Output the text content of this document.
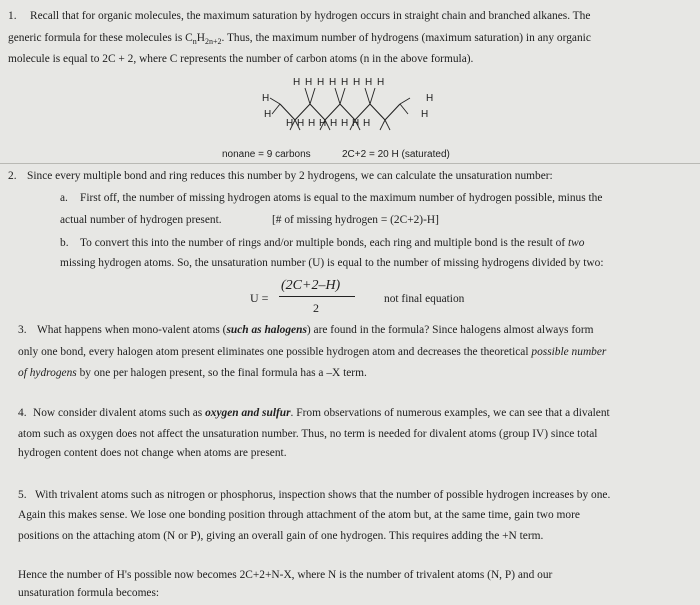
1. Recall that for organic molecules, the maximum saturation by hydrogen occurs in straight chain and branched alkanes. The
generic formula for these molecules is $C_nH_{2n+2}$. Thus, the maximum number of hydrogens (maximum saturation) in any organic
molecule is equal to 2C + 2, where C represents the number of carbon atoms (n in the above formula).
H H H H H H H H
H
H
H
H
H H H H H H H H
nonane = 9 carbons	2C+2 = 20 H (saturated)
2. Since every multiple bond and ring reduces this number by 2 hydrogens, we can calculate the unsaturation number:
a. First off, the number of missing hydrogen atoms is equal to the maximum number of hydrogen possible, minus the
actual number of hydrogen present.	[# of missing hydrogen = (2C+2)-H]
b. To convert this into the number of rings and/or multiple bonds, each ring and multiple bond is the result of two
missing hydrogen atoms. So, the unsaturation number (U) is equal to the number of missing hydrogens divided by two:
U =
(2C+2–H)
2
not final equation
3. What happens when mono-valent atoms (such as halogens) are found in the formula? Since halogens almost always form
only one bond, every halogen atom present eliminates one possible hydrogen atom and decreases the theoretical possible number
of hydrogens by one per halogen present, so the final formula has a –X term.
4. Now consider divalent atoms such as oxygen and sulfur. From observations of numerous examples, we can see that a divalent
atom such as oxygen does not affect the unsaturation number. Thus, no term is needed for divalent atoms (group IV) since total
hydrogen content does not change when atoms are present.
5. With trivalent atoms such as nitrogen or phosphorus, inspection shows that the number of possible hydrogen increases by one.
Again this makes sense. We lose one bonding position through attachment of the atom but, at the same time, gain two more
positions on the attaching atom (N or P), giving an overall gain of one hydrogen. This requires adding the +N term.
Hence the number of H's possible now becomes 2C+2+N-X, where N is the number of trivalent atoms (N, P) and our
unsaturation formula becomes:
